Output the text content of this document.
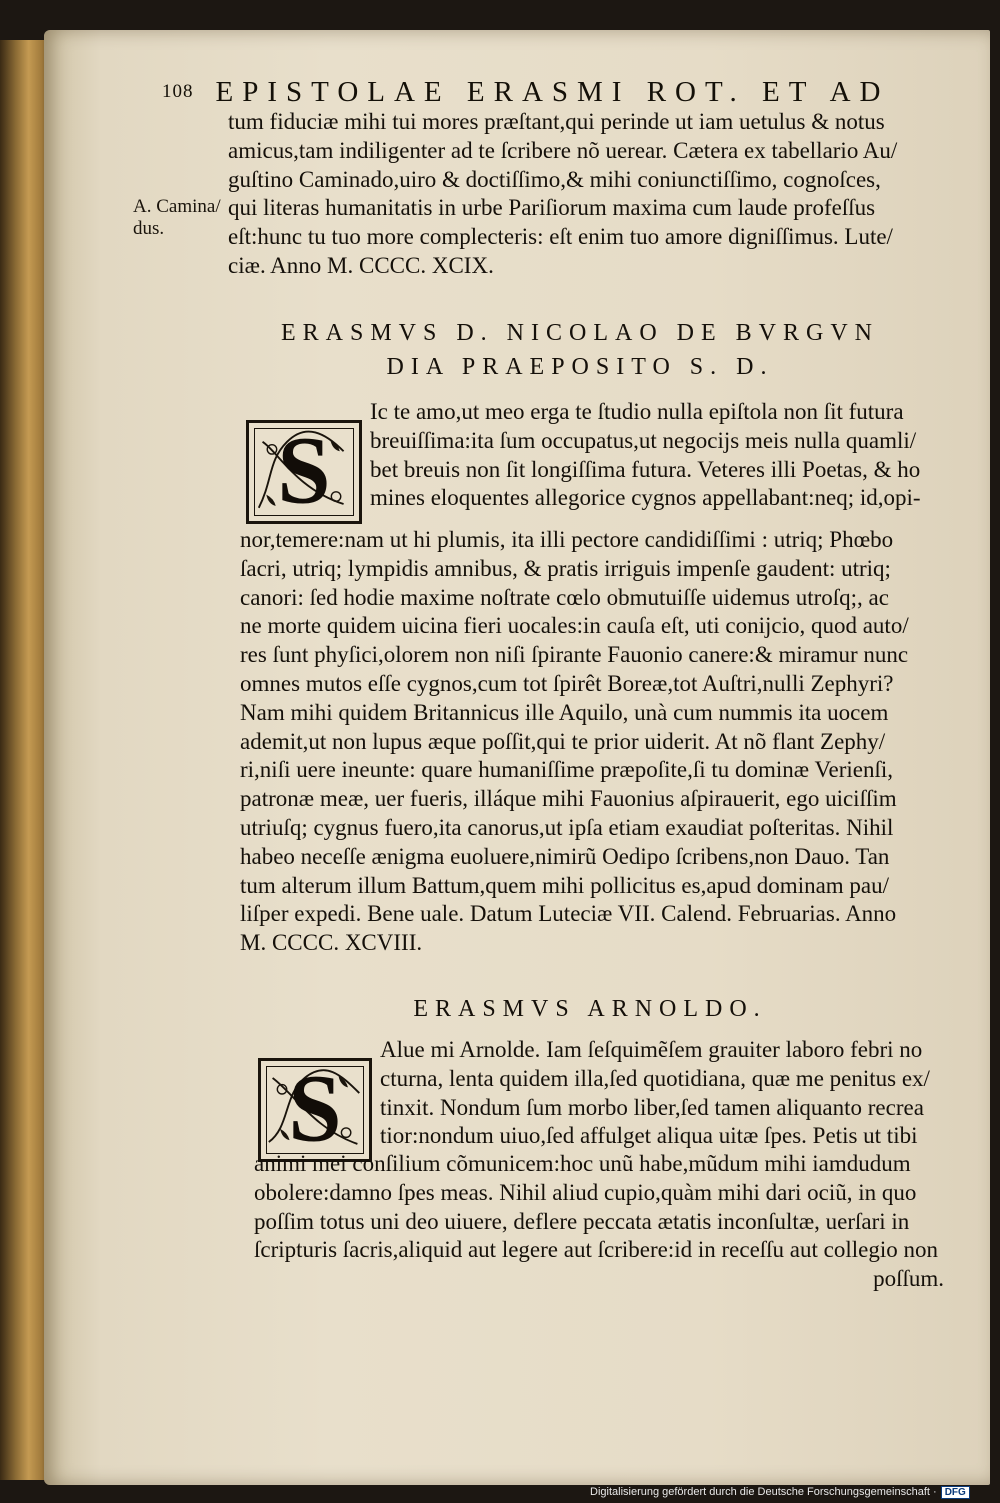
108 EPISTOLAE ERASMI ROT. ET AD
A. Camina/
dus.
tum fiduciæ mihi tui mores præſtant,qui perinde ut iam uetulus & notus
amicus,tam indiligenter ad te ſcribere nõ uerear. Cætera ex tabellario Au/
guſtino Caminado,uiro & doctiſſimo,& mihi coniunctiſſimo, cognoſces,
qui literas humanitatis in urbe Pariſiorum maxima cum laude profeſſus
eſt:hunc tu tuo more complecteris: eſt enim tuo amore digniſſimus. Lute/
ciæ. Anno M. CCCC. XCIX.
ERASMVS D. NICOLAO DE BVRGVN
DIA PRAEPOSITO S. D.
S
Ic te amo,ut meo erga te ſtudio nulla epiſtola non ſit futura
breuiſſima:ita ſum occupatus,ut negocijs meis nulla quamli/
bet breuis non ſit longiſſima futura. Veteres illi Poetas, & ho
mines eloquentes allegorice cygnos appellabant:neq; id,opi-
nor,temere:nam ut hi plumis, ita illi pectore candidiſſimi : utriq; Phœbo
ſacri, utriq; lympidis amnibus, & pratis irriguis impenſe gaudent: utriq;
canori: ſed hodie maxime noſtrate cœlo obmutuiſſe uidemus utroſq;, ac
ne morte quidem uicina fieri uocales:in cauſa eſt, uti conijcio, quod auto/
res ſunt phyſici,olorem non niſi ſpirante Fauonio canere:& miramur nunc
omnes mutos eſſe cygnos,cum tot ſpirêt Boreæ,tot Auſtri,nulli Zephyri?
Nam mihi quidem Britannicus ille Aquilo, unà cum nummis ita uocem
ademit,ut non lupus æque poſſit,qui te prior uiderit. At nõ flant Zephy/
ri,niſi uere ineunte: quare humaniſſime præpoſite,ſi tu dominæ Verienſi,
patronæ meæ, uer fueris, illáque mihi Fauonius aſpirauerit, ego uiciſſim
utriuſq; cygnus fuero,ita canorus,ut ipſa etiam exaudiat poſteritas. Nihil
habeo neceſſe ænigma euoluere,nimirũ Oedipo ſcribens,non Dauo. Tan
tum alterum illum Battum,quem mihi pollicitus es,apud dominam pau/
liſper expedi. Bene uale. Datum Luteciæ VII. Calend. Februarias. Anno
M. CCCC. XCVIII.
ERASMVS ARNOLDO.
S
Alue mi Arnolde. Iam ſeſquimẽſem grauiter laboro febri no
cturna, lenta quidem illa,ſed quotidiana, quæ me penitus ex/
tinxit. Nondum ſum morbo liber,ſed tamen aliquanto recrea
tior:nondum uiuo,ſed affulget aliqua uitæ ſpes. Petis ut tibi
animi mei conſilium cõmunicem:hoc unũ habe,mũdum mihi iamdudum
obolere:damno ſpes meas. Nihil aliud cupio,quàm mihi dari ociũ, in quo
poſſim totus uni deo uiuere, deflere peccata ætatis inconſultæ, uerſari in
ſcripturis ſacris,aliquid aut legere aut ſcribere:id in receſſu aut collegio non
poſſum.
Digitalisierung gefördert durch die Deutsche Forschungsgemeinschaft · DFG
